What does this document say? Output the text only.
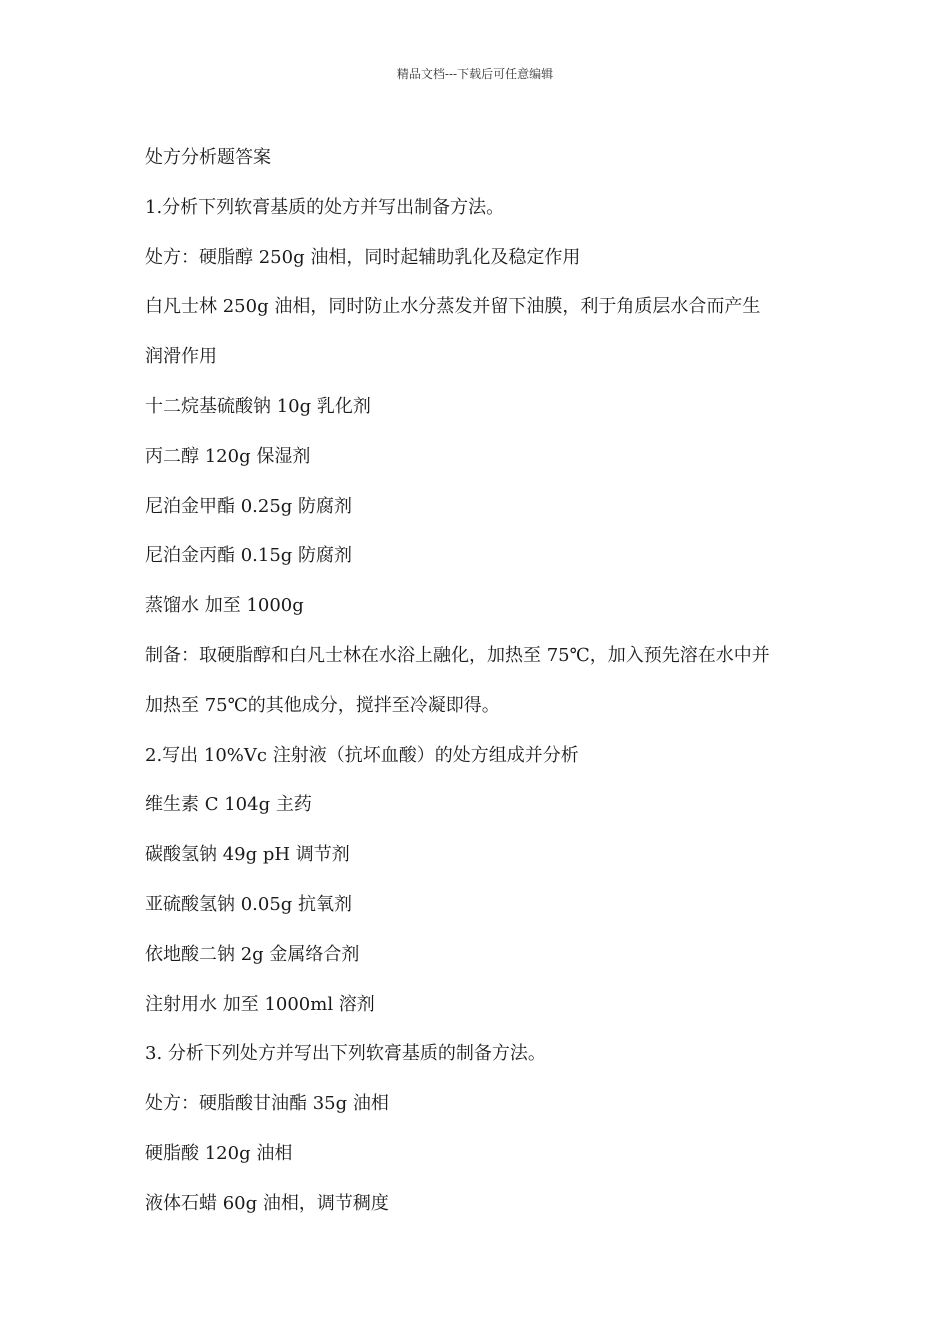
精品文档---下载后可任意编辑
处方分析题答案
1.分析下列软膏基质的处方并写出制备方法。
处方：硬脂醇 250g 油相，同时起辅助乳化及稳定作用
白凡士林 250g 油相，同时防止水分蒸发并留下油膜，利于角质层水合而产生
润滑作用
十二烷基硫酸钠 10g 乳化剂
丙二醇 120g 保湿剂
尼泊金甲酯 0.25g 防腐剂
尼泊金丙酯 0.15g 防腐剂
蒸馏水 加至 1000g
制备：取硬脂醇和白凡士林在水浴上融化，加热至 75℃，加入预先溶在水中并
加热至 75℃的其他成分，搅拌至冷凝即得。
2.写出 10%Vc 注射液（抗坏血酸）的处方组成并分析
维生素 C 104g 主药
碳酸氢钠 49g pH 调节剂
亚硫酸氢钠 0.05g 抗氧剂
依地酸二钠 2g 金属络合剂
注射用水 加至 1000ml 溶剂
3. 分析下列处方并写出下列软膏基质的制备方法。
处方：硬脂酸甘油酯 35g 油相
硬脂酸 120g 油相
液体石蜡 60g 油相，调节稠度
